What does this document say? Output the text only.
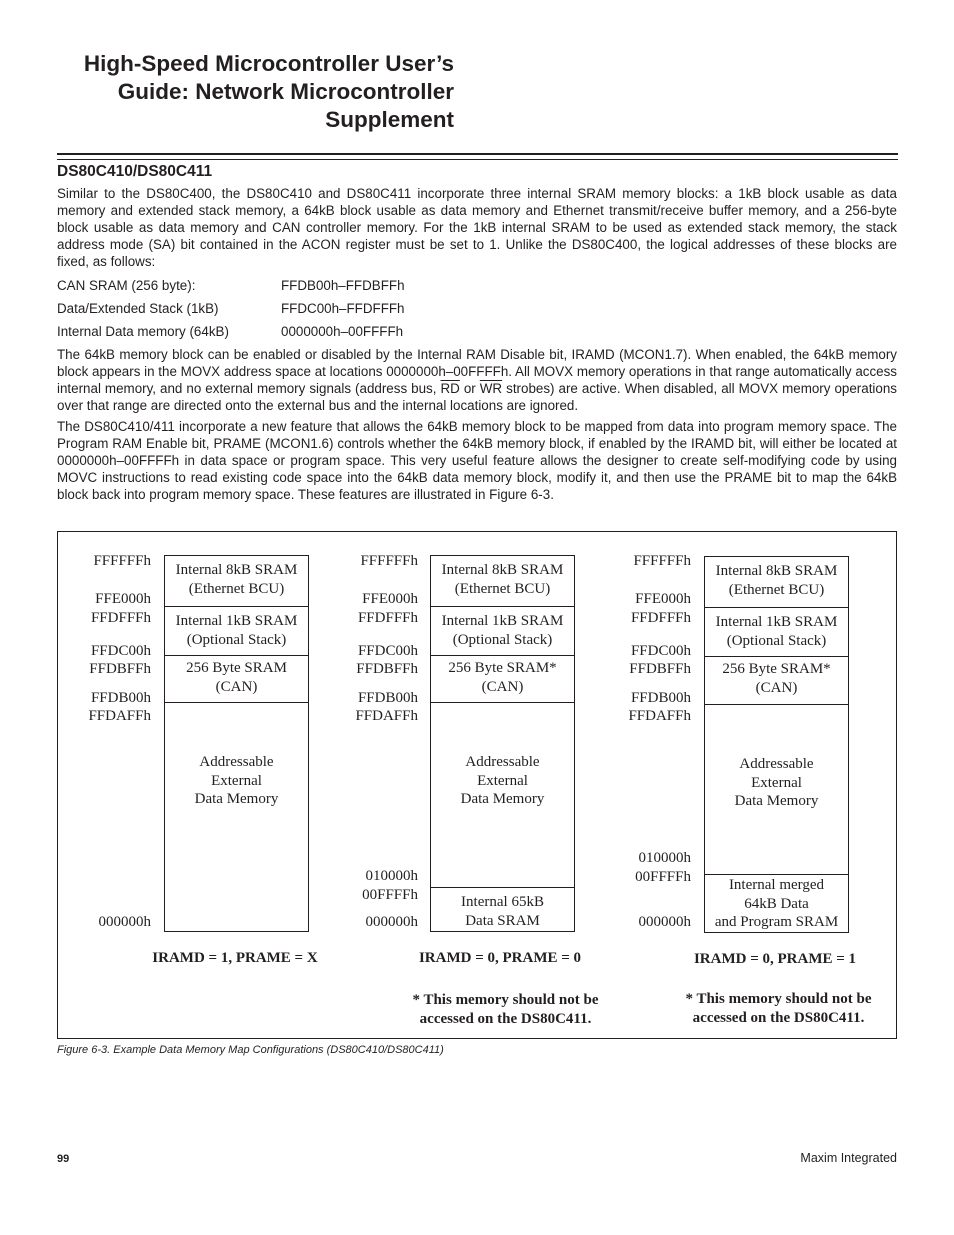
High-Speed Microcontroller User’s
Guide: Network Microcontroller
Supplement
DS80C410/DS80C411

Similar to the DS80C400, the DS80C410 and DS80C411 incorporate three internal SRAM memory blocks: a 1kB block usable as data memory and extended stack memory, a 64kB block usable as data memory and Ethernet transmit/receive buffer memory, and a 256-byte block usable as data memory and CAN controller memory. For the 1kB internal SRAM to be used as extended stack memory, the stack address mode (SA) bit contained in the ACON register must be set to 1. Unlike the DS80C400, the logical addresses of these blocks are fixed, as follows:

CAN SRAM (256 byte):	FFDB00h–FFDBFFh
Data/Extended Stack (1kB)	FFDC00h–FFDFFFh
Internal Data memory (64kB)	0000000h–00FFFFh

The 64kB memory block can be enabled or disabled by the Internal RAM Disable bit, IRAMD (MCON1.7). When enabled, the 64kB memory block appears in the MOVX address space at locations 0000000h–00FFFFh. All MOVX memory operations in that range automatically access internal memory, and no external memory signals (address bus, $\overline{RD}$ or $\overline{WR}$ strobes) are active. When disabled, all MOVX memory operations over that range are directed onto the external bus and the internal locations are ignored.

The DS80C410/411 incorporate a new feature that allows the 64kB memory block to be mapped from data into program memory space. The Program RAM Enable bit, PRAME (MCON1.6) controls whether the 64kB memory block, if enabled by the IRAMD bit, will either be located at 0000000h–00FFFFh in data space or program space. This very useful feature allows the designer to create self-modifying code by using MOVC instructions to read existing code space into the 64kB data memory block, modify it, and then use the PRAME bit to map the 64kB block back into program memory space. These features are illustrated in Figure 6-3.

FFFFFFh
FFE000h
FFDFFFh
FFDC00h
FFDBFFh
FFDB00h
FFDAFFh
000000h
Internal 8kB SRAM
(Ethernet BCU)
Internal 1kB SRAM
(Optional Stack)
256 Byte SRAM
(CAN)
Addressable
External
Data Memory
IRAMD = 1, PRAME = X
FFFFFFh
FFE000h
FFDFFFh
FFDC00h
FFDBFFh
FFDB00h
FFDAFFh
010000h
00FFFFh
000000h
Internal 8kB SRAM
(Ethernet BCU)
Internal 1kB SRAM
(Optional Stack)
256 Byte SRAM*
(CAN)
Addressable
External
Data Memory
Internal 65kB
Data SRAM
IRAMD = 0, PRAME = 0
* This memory should not be
accessed on the DS80C411.
FFFFFFh
FFE000h
FFDFFFh
FFDC00h
FFDBFFh
FFDB00h
FFDAFFh
010000h
00FFFFh
000000h
Internal 8kB SRAM
(Ethernet BCU)
Internal 1kB SRAM
(Optional Stack)
256 Byte SRAM*
(CAN)
Addressable
External
Data Memory
Internal merged
64kB Data
and Program SRAM
IRAMD = 0, PRAME = 1
* This memory should not be
accessed on the DS80C411.

Figure 6-3. Example Data Memory Map Configurations (DS80C410/DS80C411)

99	Maxim Integrated
